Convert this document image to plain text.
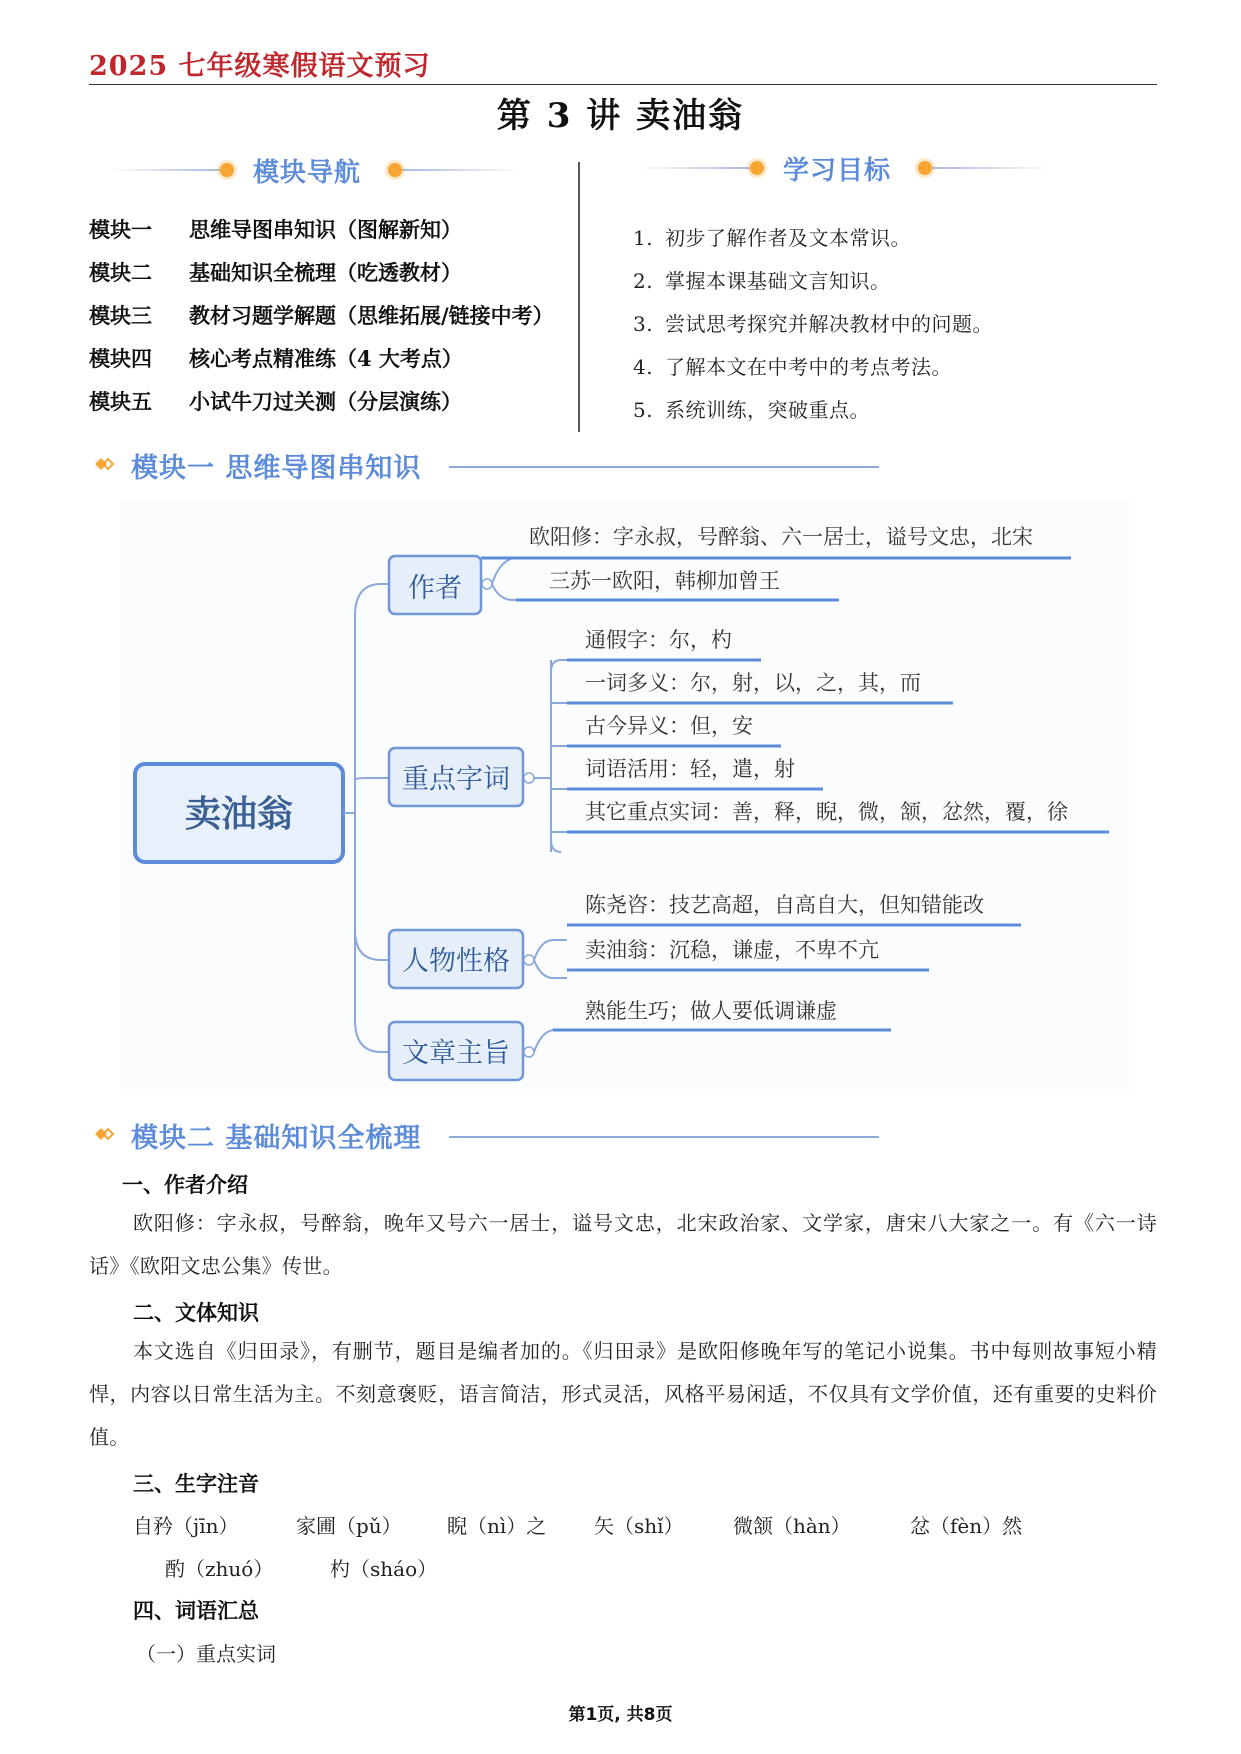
2025 七年级寒假语文预习
第 3 讲 卖油翁
模块导航
模块一 思维导图串知识（图解新知）
模块二 基础知识全梳理（吃透教材）
模块三 教材习题学解题（思维拓展/链接中考）
模块四 核心考点精准练（4 大考点）
模块五 小试牛刀过关测（分层演练）
学习目标
1. 初步了解作者及文本常识。
2. 掌握本课基础文言知识。
3. 尝试思考探究并解决教材中的问题。
4. 了解本文在中考中的考点考法。
5. 系统训练，突破重点。
模块一 思维导图串知识
卖油翁
作者
欧阳修：字永叔，号醉翁、六一居士，谥号文忠，北宋
三苏一欧阳，韩柳加曾王
重点字词
通假字：尔，杓
一词多义：尔，射，以，之，其，而
古今异义：但，安
词语活用：轻，遣，射
其它重点实词：善，释，睨，微，颔，忿然，覆，徐
人物性格
陈尧咨：技艺高超，自高自大，但知错能改
卖油翁：沉稳，谦虚，不卑不亢
文章主旨
熟能生巧；做人要低调谦虚
模块二 基础知识全梳理
一、作者介绍
欧阳修：字永叔，号醉翁，晚年又号六一居士，谥号文忠，北宋政治家、文学家，唐宋八大家之一。有《六一诗话》《欧阳文忠公集》传世。
二、文体知识
本文选自《归田录》，有删节，题目是编者加的。《归田录》是欧阳修晚年写的笔记小说集。书中每则故事短小精悍，内容以日常生活为主。不刻意褒贬，语言简洁，形式灵活，风格平易闲适，不仅具有文学价值，还有重要的史料价值。
三、生字注音
自矜（jīn）	家圃（pǔ） 睨（nì）之 矢（shǐ） 微颔（hàn）	忿（fèn）然
酌（zhuó）	杓（sháo）
四、词语汇总
（一）重点实词
第1页, 共8页
